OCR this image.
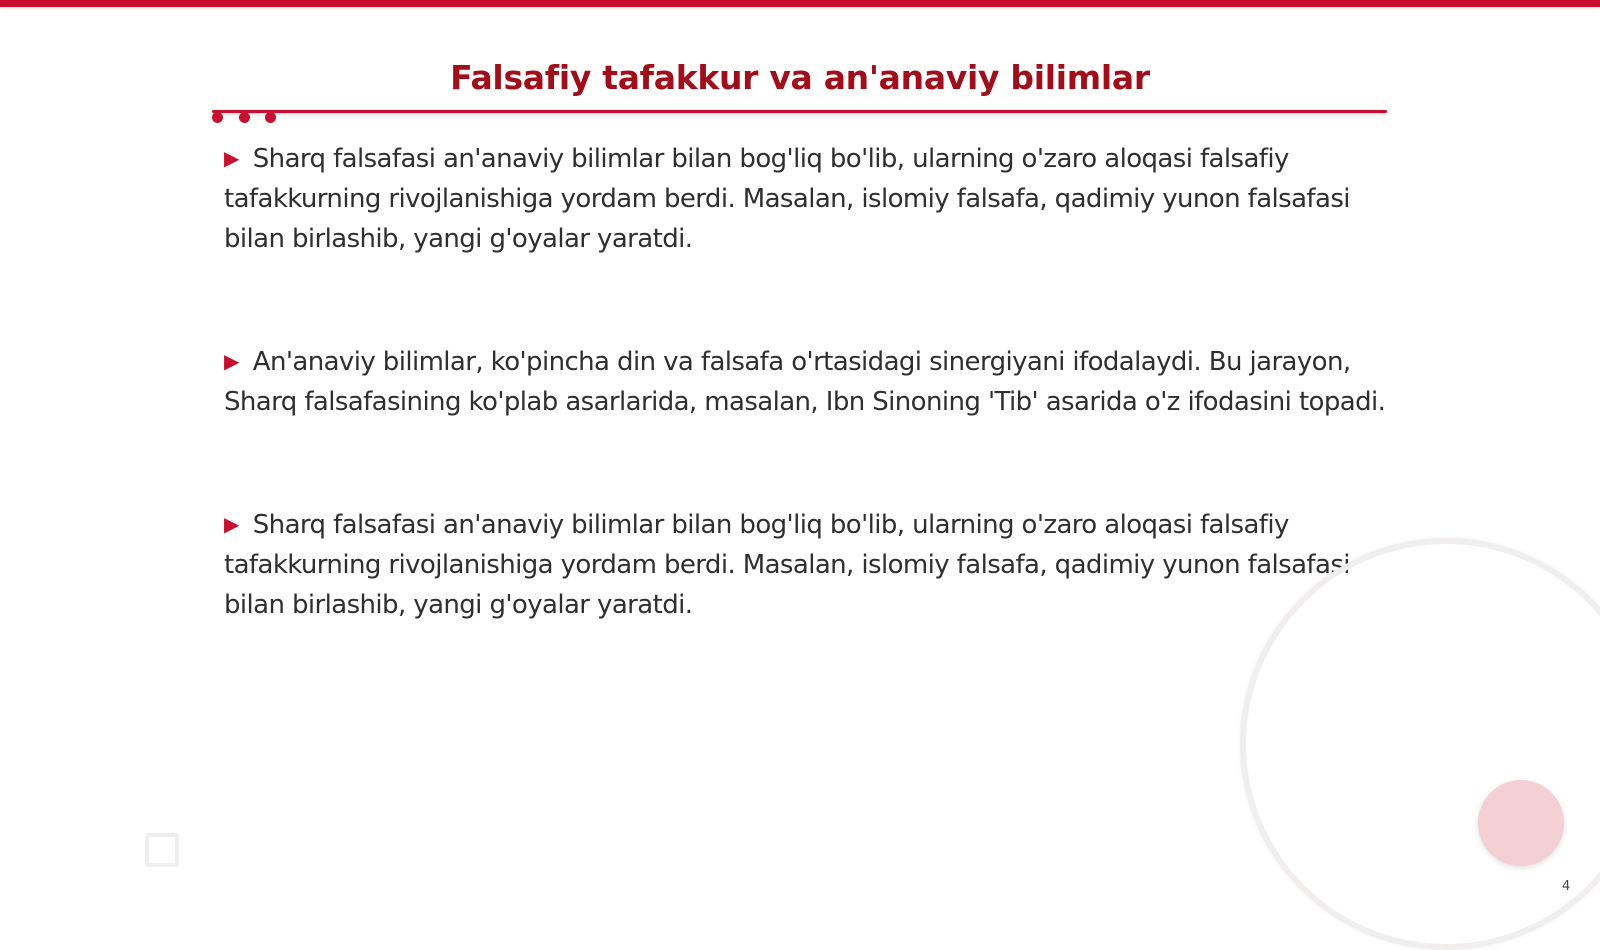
Falsafiy tafakkur va an'anaviy bilimlar

▶ Sharq falsafasi an'anaviy bilimlar bilan bog'liq bo'lib, ularning o'zaro aloqasi falsafiy tafakkurning rivojlanishiga yordam berdi. Masalan, islomiy falsafa, qadimiy yunon falsafasi bilan birlashib, yangi g'oyalar yaratdi.

▶ An'anaviy bilimlar, ko'pincha din va falsafa o'rtasidagi sinergiyani ifodalaydi. Bu jarayon, Sharq falsafasining ko'plab asarlarida, masalan, Ibn Sinoning 'Tib' asarida o'z ifodasini topadi.

▶ Sharq falsafasi an'anaviy bilimlar bilan bog'liq bo'lib, ularning o'zaro aloqasi falsafiy tafakkurning rivojlanishiga yordam berdi. Masalan, islomiy falsafa, qadimiy yunon falsafasi bilan birlashib, yangi g'oyalar yaratdi.

4
